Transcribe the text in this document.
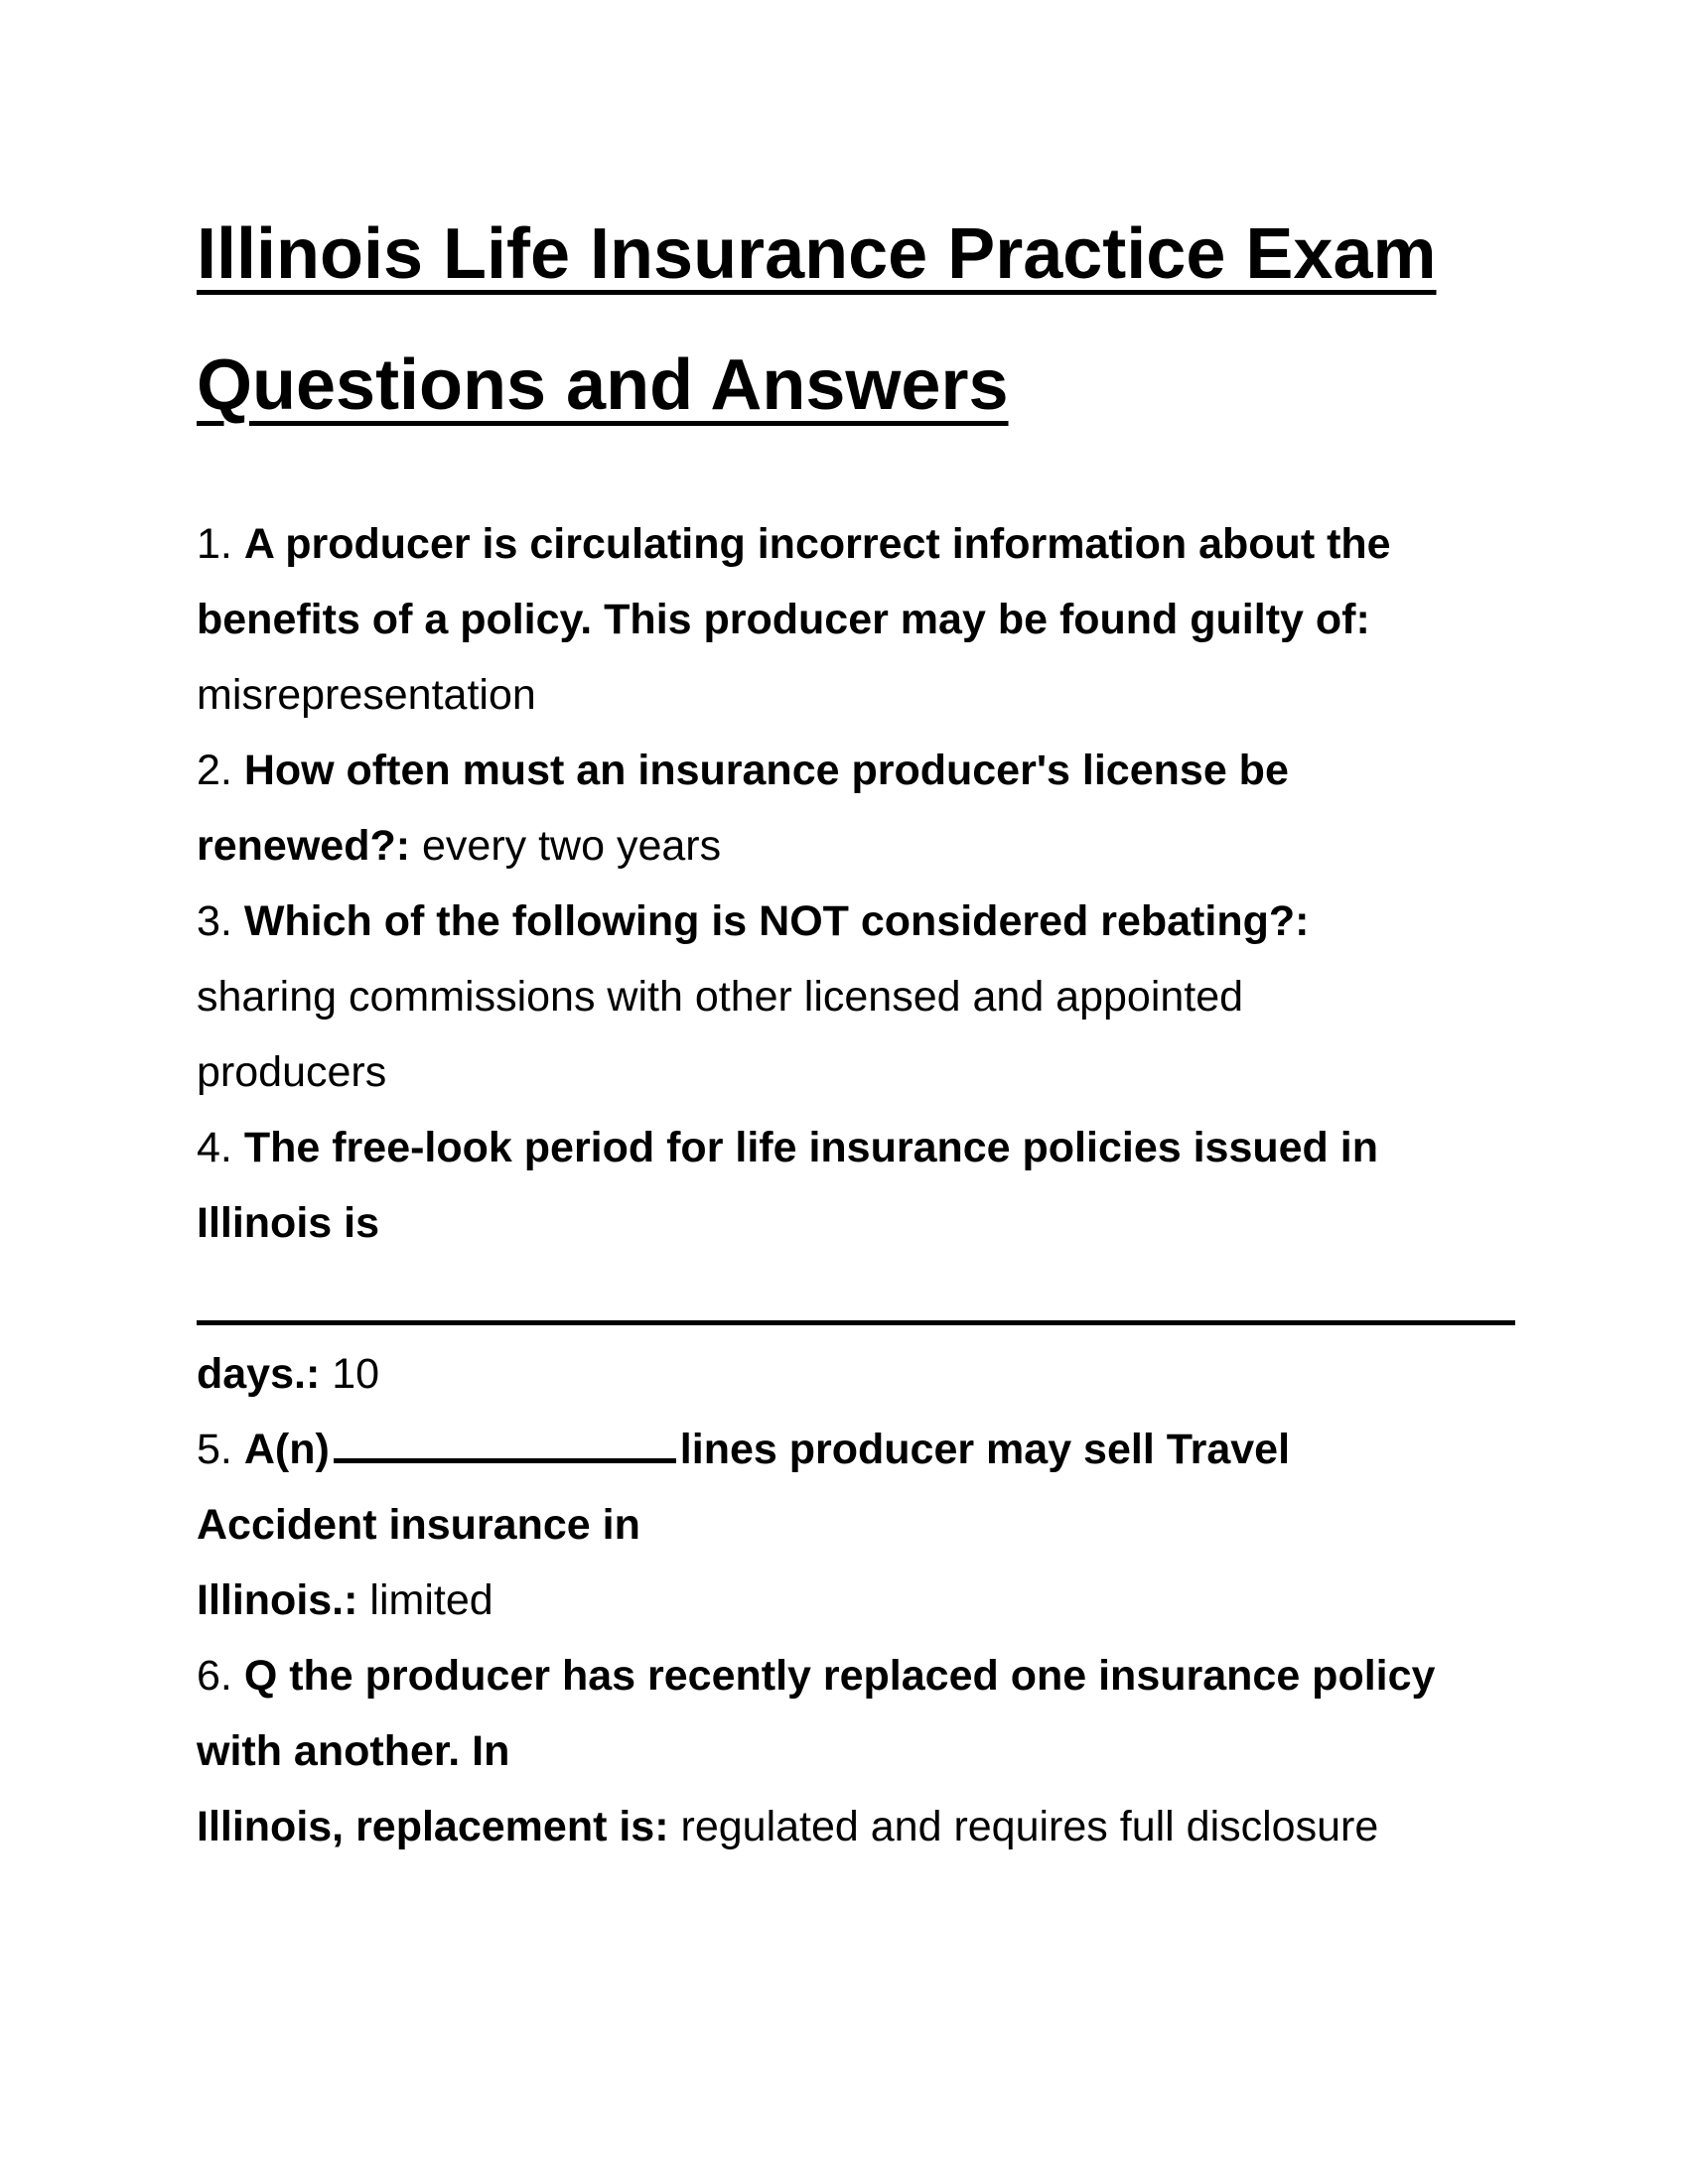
Illinois Life Insurance Practice Exam
Questions and Answers
1. A producer is circulating incorrect information about the
benefits of a policy. This producer may be found guilty of:
misrepresentation
2. How often must an insurance producer's license be
renewed?: every two years
3. Which of the following is NOT considered rebating?:
sharing commissions with other licensed and appointed
producers
4. The free-look period for life insurance policies issued in
Illinois is
days.: 10
5. A(n)	lines producer may sell Travel
Accident insurance in
Illinois.: limited
6. Q the producer has recently replaced one insurance policy
with another. In
Illinois, replacement is: regulated and requires full disclosure
